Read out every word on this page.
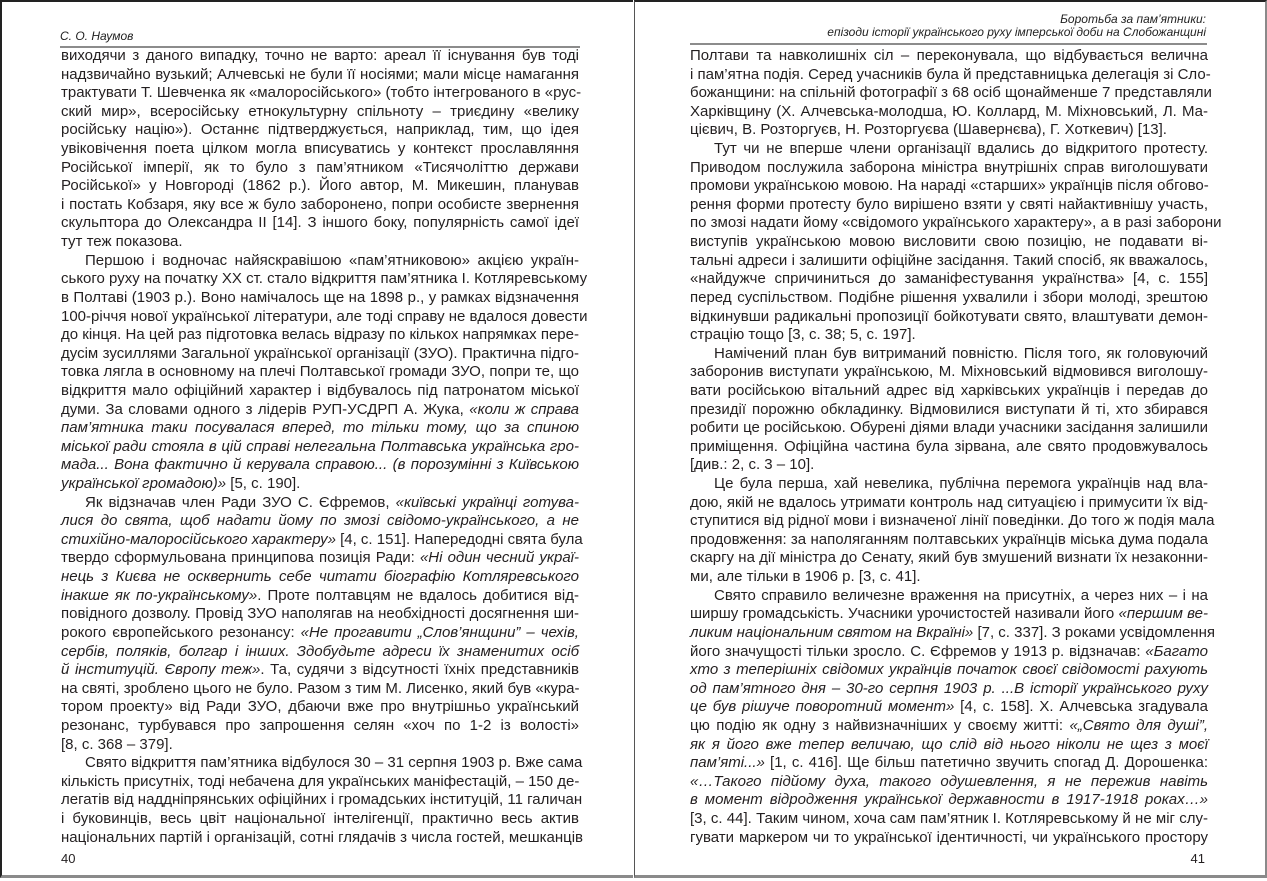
С. О. Наумов
виходячи з даного випадку, точно не варто: ареал її існування був тоді
надзвичайно вузький; Алчевські не були її носіями; мали місце намагання
трактувати Т. Шевченка як «малоросійського» (тобто інтегрованого в «рус-
ский мир», всеросійську етнокультурну спільноту – триєдину «велику
російську націю»). Останнє підтверджується, наприклад, тим, що ідея
увіковічення поета цілком могла вписуватись у контекст прославляння
Російської імперії, як то було з пам’ятником «Тисячоліттю держави
Російської» у Новгороді (1862 р.). Його автор, М. Микешин, планував
і постать Кобзаря, яку все ж було заборонено, попри особисте звернення
скульптора до Олександра ІІ [14]. З іншого боку, популярність самої ідеї
тут теж показова.
Першою і водночас найяскравішою «пам’ятниковою» акцією україн-
ського руху на початку ХХ ст. стало відкриття пам’ятника І. Котляревському
в Полтаві (1903 р.). Воно намічалось ще на 1898 р., у рамках відзначення
100-річчя нової української літератури, але тоді справу не вдалося довести
до кінця. На цей раз підготовка велась відразу по кількох напрямках пере-
дусім зусиллями Загальної української організації (ЗУО). Практична підго-
товка лягла в основному на плечі Полтавської громади ЗУО, попри те, що
відкриття мало офіційний характер і відбувалось під патронатом міської
думи. За словами одного з лідерів РУП-УСДРП А. Жука, «коли ж справа
пам’ятника таки посувалася вперед, то тільки тому, що за спиною
міської ради стояла в цій справі нелегальна Полтавська українська гро-
мада... Вона фактично й керувала справою... (в порозумінні з Київською
української громадою)» [5, с. 190].
Як відзначав член Ради ЗУО С. Єфремов, «київські українці готува-
лися до свята, щоб надати йому по змозі свідомо-українського, а не
стихійно-малоросійського характеру» [4, с. 151]. Напередодні свята була
твердо сформульована принципова позиція Ради: «Ні один чесний украї-
нець з Києва не осквернить себе читати біографію Котляревського
інакше як по-українському». Проте полтавцям не вдалось добитися від-
повідного дозволу. Провід ЗУО наполягав на необхідності досягнення ши-
рокого європейського резонансу: «Не прогавити „Слов’янщини” – чехів,
сербів, поляків, болгар і інших. Здобудьте адреси їх знаменитих осіб
й інституцій. Європу теж». Та, судячи з відсутності їхніх представників
на святі, зроблено цього не було. Разом з тим М. Лисенко, який був «кура-
тором проекту» від Ради ЗУО, дбаючи вже про внутрішньо український
резонанс, турбувався про запрошення селян «хоч по 1-2 із волості»
[8, с. 368 – 379].
Свято відкриття пам’ятника відбулося 30 – 31 серпня 1903 р. Вже сама
кількість присутніх, тоді небачена для українських маніфестацій, – 150 де-
легатів від наддніпрянських офіційних і громадських інституцій, 11 галичан
і буковинців, весь цвіт національної інтелігенції, практично весь актив
національних партій і організацій, сотні глядачів з числа гостей, мешканців
40
Боротьба за пам’ятники:
епізоди історії українського руху імперської доби на Слобожанщині
Полтави та навколишніх сіл – переконувала, що відбувається велична
і пам’ятна подія. Серед учасників була й представницька делегація зі Сло-
божанщини: на спільній фотографії з 68 осіб щонайменше 7 представляли
Харківщину (Х. Алчевська-молодша, Ю. Коллард, М. Міхновський, Л. Ма-
цієвич, В. Розторгуєв, Н. Розторгуєва (Шавернєва), Г. Хоткевич) [13].
Тут чи не вперше члени організації вдались до відкритого протесту.
Приводом послужила заборона міністра внутрішніх справ виголошувати
промови українською мовою. На нараді «старших» українців після обгово-
рення форми протесту було вирішено взяти у святі найактивнішу участь,
по змозі надати йому «свідомого українського характеру», а в разі заборони
виступів українською мовою висловити свою позицію, не подавати ві-
тальні адреси і залишити офіційне засідання. Такий спосіб, як вважалось,
«найдужче спричиниться до заманіфестування українства» [4, с. 155]
перед суспільством. Подібне рішення ухвалили і збори молоді, зрештою
відкинувши радикальні пропозиції бойкотувати свято, влаштувати демон-
страцію тощо [3, с. 38; 5, с. 197].
Намічений план був витриманий повністю. Після того, як головуючий
заборонив виступати українською, М. Міхновський відмовився виголошу-
вати російською вітальний адрес від харківських українців і передав до
президії порожню обкладинку. Відмовилися виступати й ті, хто збирався
робити це російською. Обурені діями влади учасники засідання залишили
приміщення. Офіційна частина була зірвана, але свято продовжувалось
[див.: 2, с. 3 – 10].
Це була перша, хай невелика, публічна перемога українців над вла-
дою, якій не вдалось утримати контроль над ситуацією і примусити їх від-
ступитися від рідної мови і визначеної лінії поведінки. До того ж подія мала
продовження: за наполяганням полтавських українців міська дума подала
скаргу на дії міністра до Сенату, який був змушений визнати їх незаконни-
ми, але тільки в 1906 р. [3, с. 41].
Свято справило величезне враження на присутніх, а через них – і на
ширшу громадськість. Учасники урочистостей називали його «першим ве-
ликим національним святом на Вкраїні» [7, с. 337]. З роками усвідомлення
його значущості тільки зросло. С. Єфремов у 1913 р. відзначав: «Багато
хто з теперішніх свідомих українців початок своєї свідомості рахують
од пам’ятного дня – 30-го серпня 1903 р. ...В історії українського руху
це був рішуче поворотний момент» [4, с. 158]. Х. Алчевська згадувала
цю подію як одну з найвизначніших у своєму житті: «„Свято для душі”,
як я його вже тепер величаю, що слід від нього ніколи не щез з моєї
пам’яті...» [1, с. 416]. Ще більш патетично звучить спогад Д. Дорошенка:
«…Такого підйому духа, такого одушевлення, я не пережив навіть
в момент відродження української державности в 1917-1918 роках…»
[3, с. 44]. Таким чином, хоча сам пам’ятник І. Котляревському й не міг слу-
гувати маркером чи то української ідентичності, чи українського простору
41
